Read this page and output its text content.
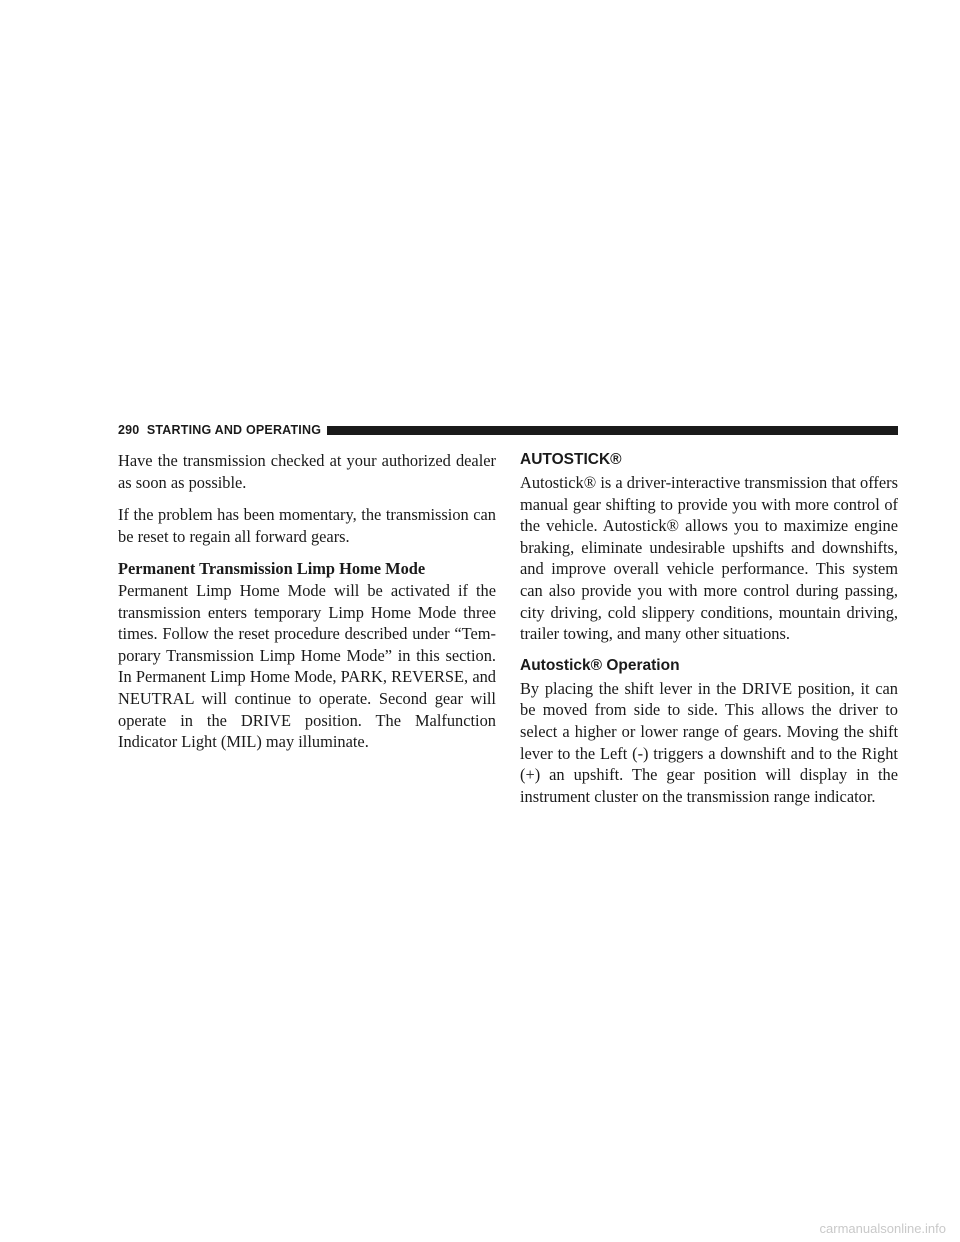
290 STARTING AND OPERATING

Have the transmission checked at your authorized dealer as soon as possible.

If the problem has been momentary, the transmission can be reset to regain all forward gears.

Permanent Transmission Limp Home Mode

Permanent Limp Home Mode will be activated if the transmission enters temporary Limp Home Mode three times. Follow the reset procedure described under “Tem- porary Transmission Limp Home Mode” in this section. In Permanent Limp Home Mode, PARK, REVERSE, and NEUTRAL will continue to operate. Second gear will operate in the DRIVE position. The Malfunction Indicator Light (MIL) may illuminate.

AUTOSTICK®

Autostick® is a driver-interactive transmission that offers manual gear shifting to provide you with more control of the vehicle. Autostick® allows you to maximize engine braking, eliminate undesirable upshifts and downshifts, and improve overall vehicle performance. This system can also provide you with more control during passing, city driving, cold slippery conditions, mountain driving, trailer towing, and many other situations.

Autostick® Operation

By placing the shift lever in the DRIVE position, it can be moved from side to side. This allows the driver to select a higher or lower range of gears. Moving the shift lever to the Left (-) triggers a downshift and to the Right (+) an upshift. The gear position will display in the instrument cluster on the transmission range indicator.

carmanualsonline.info
